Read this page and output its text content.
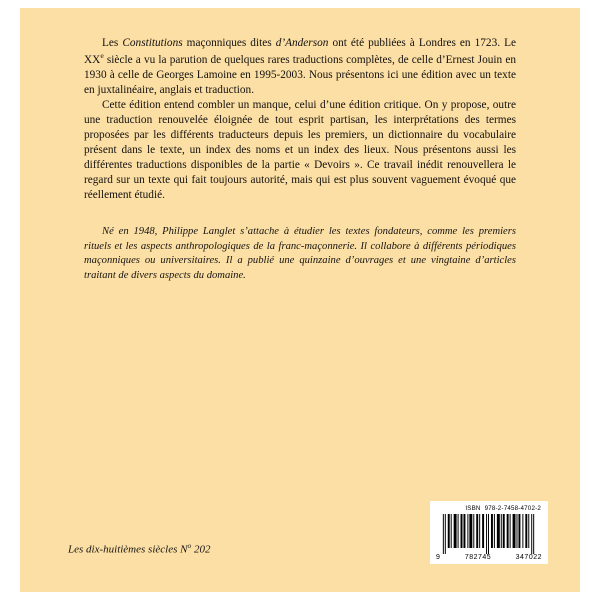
Les Constitutions maçonniques dites d’Anderson ont été publiées à Londres en 1723. Le XXe siècle a vu la parution de quelques rares traductions complètes, de celle d’Ernest Jouin en 1930 à celle de Georges Lamoine en 1995-2003. Nous présentons ici une édition avec un texte en juxtalinéaire, anglais et traduction.

Cette édition entend combler un manque, celui d’une édition critique. On y propose, outre une traduction renouvelée éloignée de tout esprit partisan, les interprétations des termes proposées par les différents traducteurs depuis les premiers, un dictionnaire du vocabulaire présent dans le texte, un index des noms et un index des lieux. Nous présentons aussi les différentes traductions disponibles de la partie « Devoirs ». Ce travail inédit renouvellera le regard sur un texte qui fait toujours autorité, mais qui est plus souvent vaguement évoqué que réellement étudié.

Né en 1948, Philippe Langlet s’attache à étudier les textes fondateurs, comme les premiers rituels et les aspects anthropologiques de la franc-maçonnerie. Il collabore à différents périodiques maçonniques ou universitaires. Il a publié une quinzaine d’ouvrages et une vingtaine d’articles traitant de divers aspects du domaine.

Les dix-huitièmes siècles $N^o$ 202
ISBN 978-2-7458-4702-2
9	782745	347022
